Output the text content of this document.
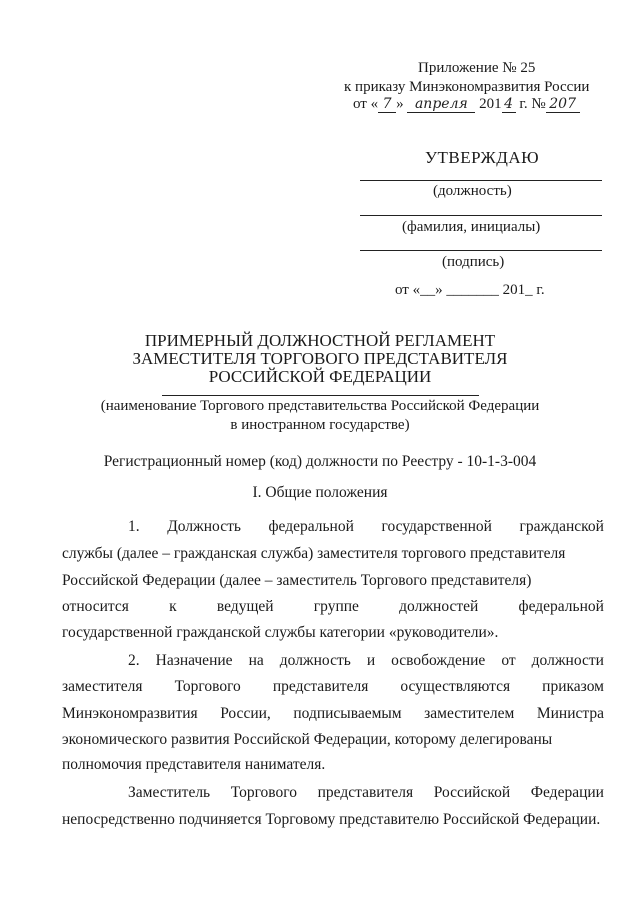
Приложение № 25
к приказу Минэкономразвития России
от « 7 » апреля 201 4 г. № 207
УТВЕРЖДАЮ
(должность)
(фамилия, инициалы)
(подпись)
от «__» _______ 201_ г.
ПРИМЕРНЫЙ ДОЛЖНОСТНОЙ РЕГЛАМЕНТ
ЗАМЕСТИТЕЛЯ ТОРГОВОГО ПРЕДСТАВИТЕЛЯ
РОССИЙСКОЙ ФЕДЕРАЦИИ
(наименование Торгового представительства Российской Федерации
в иностранном государстве)
Регистрационный номер (код) должности по Реестру - 10-1-3-004
I. Общие положения
1. Должность федеральной государственной гражданской
службы (далее – гражданская служба) заместителя торгового представителя
Российской Федерации (далее – заместитель Торгового представителя)
относится	к	ведущей	группе	должностей	федеральной
государственной гражданской службы категории «руководители».
2. Назначение на должность и освобождение от должности
заместителя Торгового представителя осуществляются приказом
Минэкономразвития России, подписываемым заместителем Министра
экономического развития Российской Федерации, которому делегированы
полномочия представителя нанимателя.
Заместитель Торгового представителя Российской Федерации
непосредственно подчиняется Торговому представителю Российской Федерации.
